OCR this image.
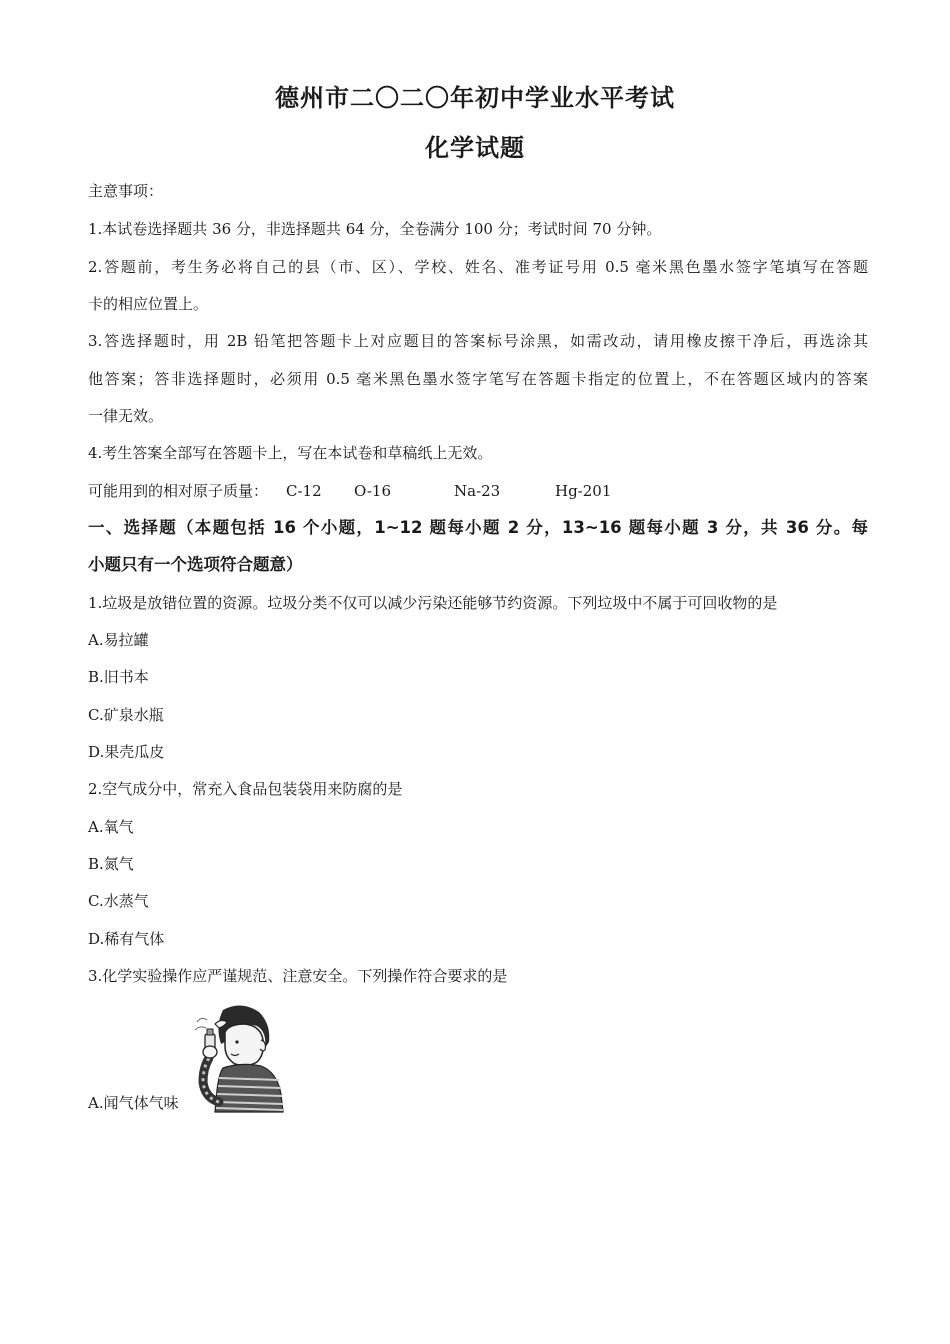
德州市二〇二〇年初中学业水平考试
化学试题
主意事项：
1.本试卷选择题共 36 分，非选择题共 64 分，全卷满分 100 分；考试时间 70 分钟。
2.答题前，考生务必将自己的县（市、区）、学校、姓名、准考证号用 0.5 毫米黑色墨水签字笔填写在答题
卡的相应位置上。
3.答选择题时，用 2B 铅笔把答题卡上对应题目的答案标号涂黑，如需改动，请用橡皮擦干净后，再选涂其
他答案；答非选择题时，必须用 0.5 毫米黑色墨水签字笔写在答题卡指定的位置上，不在答题区域内的答案
一律无效。
4.考生答案全部写在答题卡上，写在本试卷和草稿纸上无效。
可能用到的相对原子质量： C-12 O-16	Na-23	Hg-201
一、选择题（本题包括 16 个小题，1~12 题每小题 2 分，13~16 题每小题 3 分，共 36 分。每
小题只有一个选项符合题意）
1.垃圾是放错位置的资源。垃圾分类不仅可以减少污染还能够节约资源。下列垃圾中不属于可回收物的是
A.易拉罐
B.旧书本
C.矿泉水瓶
D.果壳瓜皮
2.空气成分中，常充入食品包装袋用来防腐的是
A.氧气
B.氮气
C.水蒸气
D.稀有气体
3.化学实验操作应严谨规范、注意安全。下列操作符合要求的是
A.闻气体气味
